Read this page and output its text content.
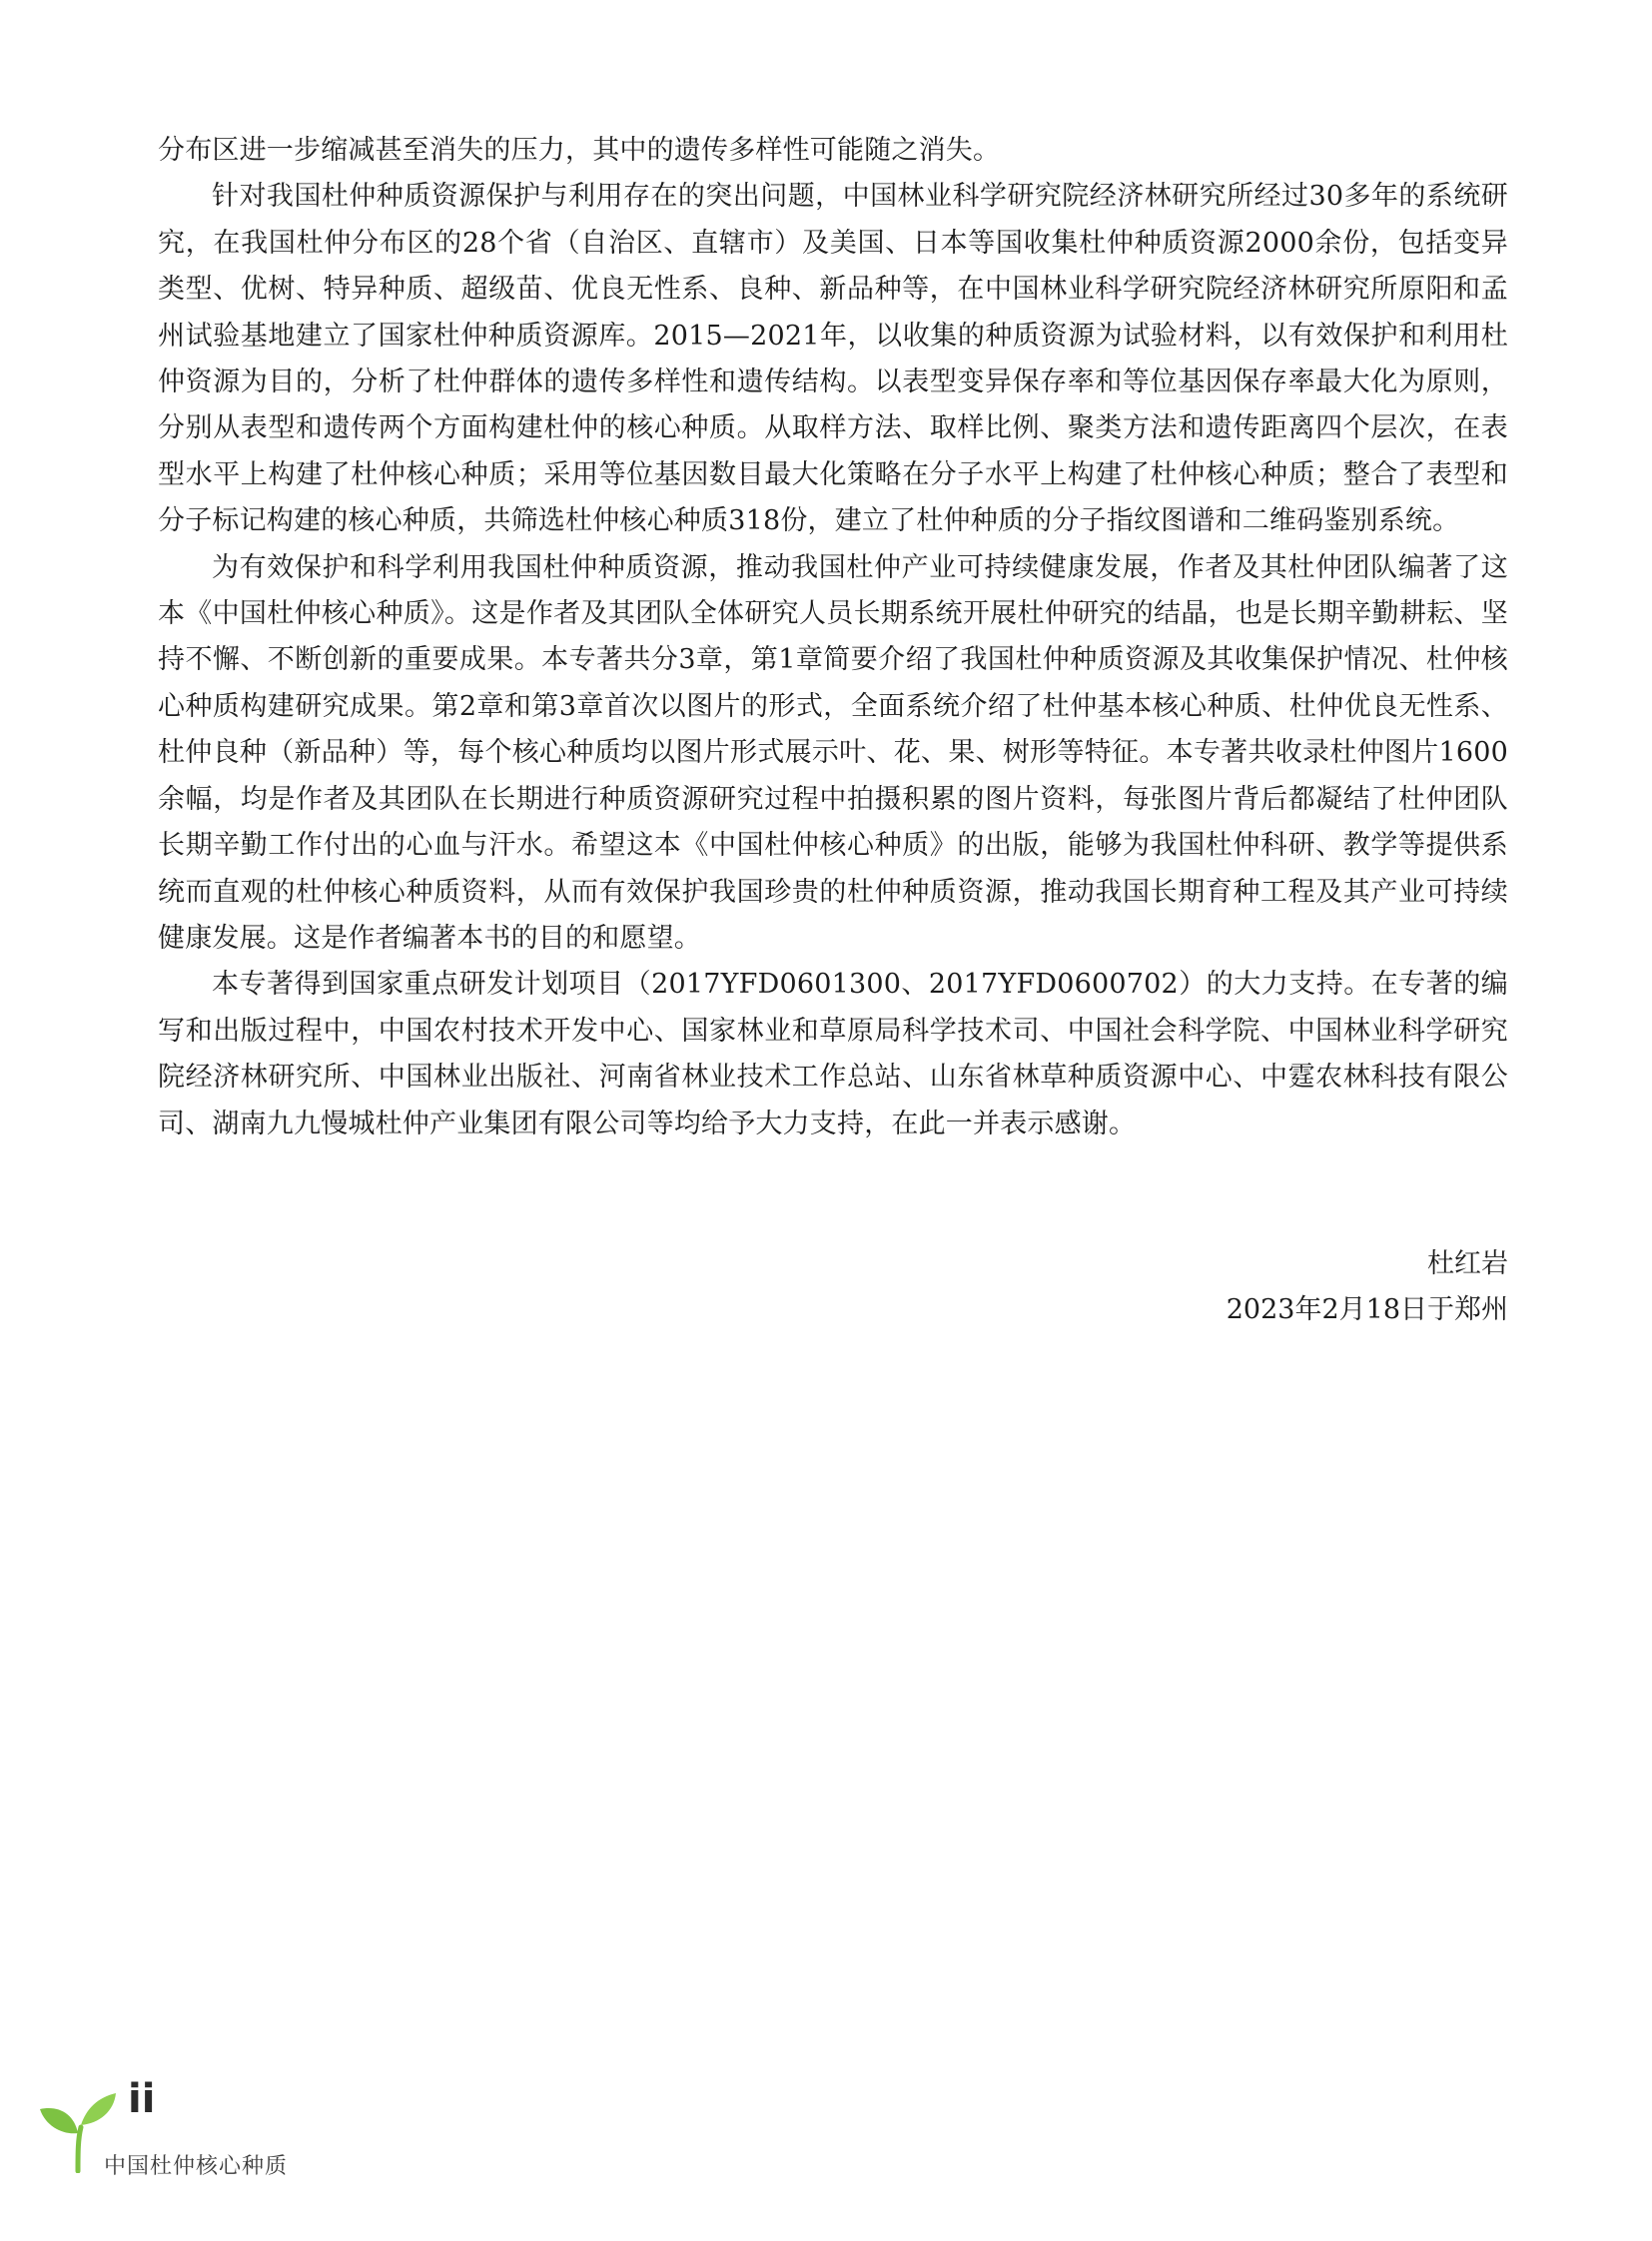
分布区进一步缩减甚至消失的压力，其中的遗传多样性可能随之消失。

针对我国杜仲种质资源保护与利用存在的突出问题，中国林业科学研究院经济林研究所经过30多年的系统研究，在我国杜仲分布区的28个省（自治区、直辖市）及美国、日本等国收集杜仲种质资源2000余份，包括变异类型、优树、特异种质、超级苗、优良无性系、良种、新品种等，在中国林业科学研究院经济林研究所原阳和孟州试验基地建立了国家杜仲种质资源库。2015—2021年，以收集的种质资源为试验材料，以有效保护和利用杜仲资源为目的，分析了杜仲群体的遗传多样性和遗传结构。以表型变异保存率和等位基因保存率最大化为原则，分别从表型和遗传两个方面构建杜仲的核心种质。从取样方法、取样比例、聚类方法和遗传距离四个层次，在表型水平上构建了杜仲核心种质；采用等位基因数目最大化策略在分子水平上构建了杜仲核心种质；整合了表型和分子标记构建的核心种质，共筛选杜仲核心种质318份，建立了杜仲种质的分子指纹图谱和二维码鉴别系统。

为有效保护和科学利用我国杜仲种质资源，推动我国杜仲产业可持续健康发展，作者及其杜仲团队编著了这本《中国杜仲核心种质》。这是作者及其团队全体研究人员长期系统开展杜仲研究的结晶，也是长期辛勤耕耘、坚持不懈、不断创新的重要成果。本专著共分3章，第1章简要介绍了我国杜仲种质资源及其收集保护情况、杜仲核心种质构建研究成果。第2章和第3章首次以图片的形式，全面系统介绍了杜仲基本核心种质、杜仲优良无性系、杜仲良种（新品种）等，每个核心种质均以图片形式展示叶、花、果、树形等特征。本专著共收录杜仲图片1600余幅，均是作者及其团队在长期进行种质资源研究过程中拍摄积累的图片资料，每张图片背后都凝结了杜仲团队长期辛勤工作付出的心血与汗水。希望这本《中国杜仲核心种质》的出版，能够为我国杜仲科研、教学等提供系统而直观的杜仲核心种质资料，从而有效保护我国珍贵的杜仲种质资源，推动我国长期育种工程及其产业可持续健康发展。这是作者编著本书的目的和愿望。

本专著得到国家重点研发计划项目（2017YFD0601300、2017YFD0600702）的大力支持。在专著的编写和出版过程中，中国农村技术开发中心、国家林业和草原局科学技术司、中国社会科学院、中国林业科学研究院经济林研究所、中国林业出版社、河南省林业技术工作总站、山东省林草种质资源中心、中霆农林科技有限公司、湖南九九慢城杜仲产业集团有限公司等均给予大力支持，在此一并表示感谢。

杜红岩
2023年2月18日于郑州
ii
中国杜仲核心种质
